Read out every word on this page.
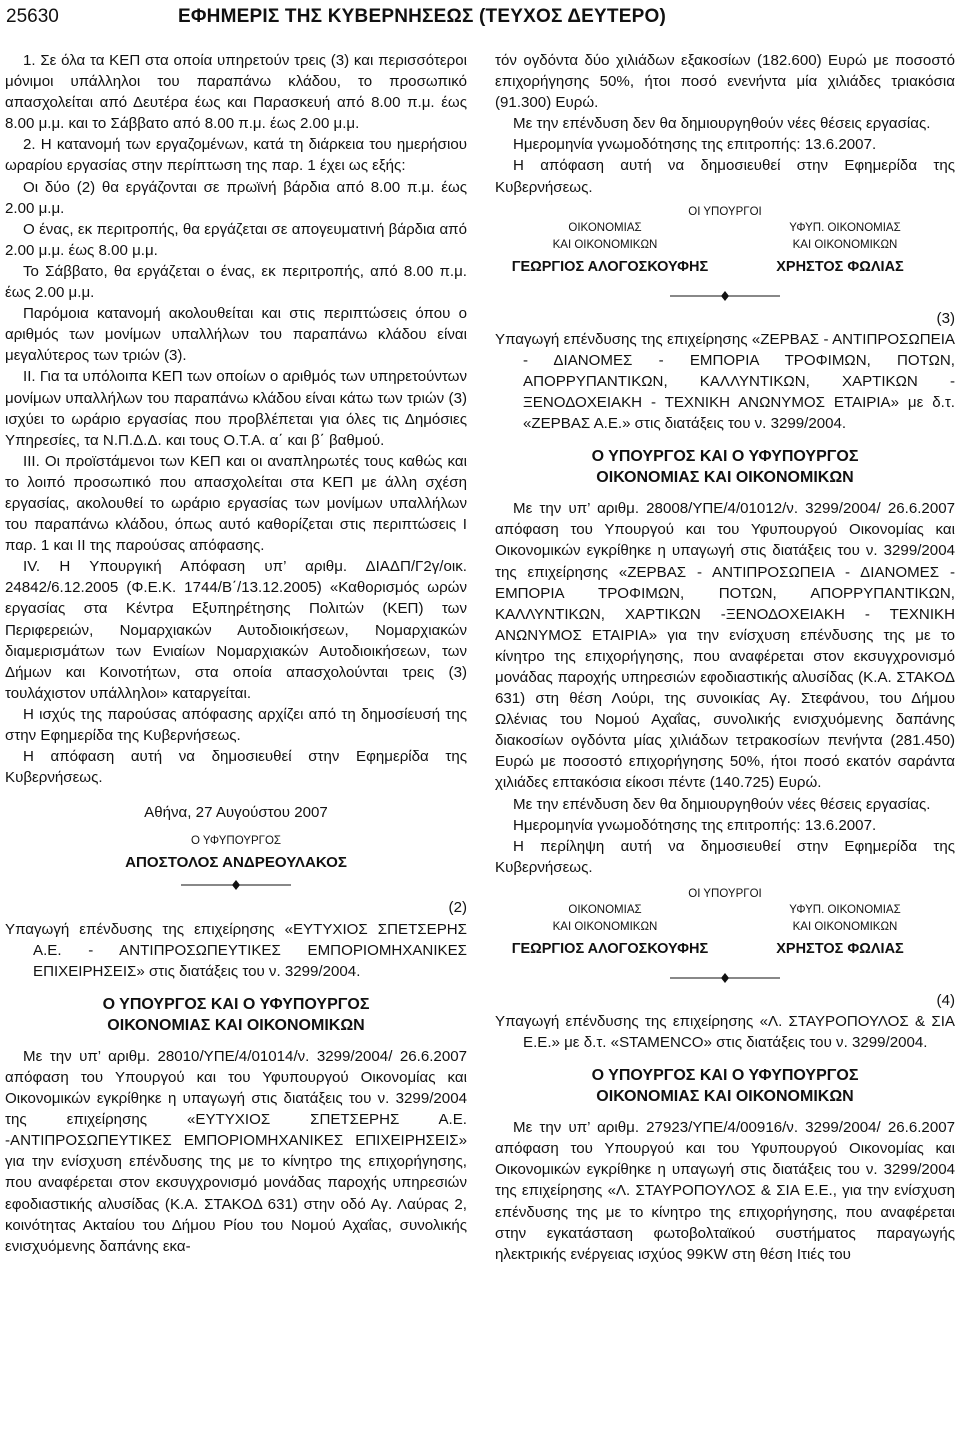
25630	ΕΦΗΜΕΡΙΣ ΤΗΣ ΚΥΒΕΡΝΗΣΕΩΣ (ΤΕΥΧΟΣ ΔΕΥΤΕΡΟ)

1. Σε όλα τα ΚΕΠ στα οποία υπηρετούν τρεις (3) και περισσότεροι μόνιμοι υπάλληλοι του παραπάνω κλάδου, το προσωπικό απασχολείται από Δευτέρα έως και Παρασκευή από 8.00 π.μ. έως 8.00 μ.μ. και το Σάββατο από 8.00 π.μ. έως 2.00 μ.μ.

2. Η κατανομή των εργαζομένων, κατά τη διάρκεια του ημερήσιου ωραρίου εργασίας στην περίπτωση της παρ. 1 έχει ως εξής:

Οι δύο (2) θα εργάζονται σε πρωϊνή βάρδια από 8.00 π.μ. έως 2.00 μ.μ.

Ο ένας, εκ περιτροπής, θα εργάζεται σε απογευματινή βάρδια από 2.00 μ.μ. έως 8.00 μ.μ.

Το Σάββατο, θα εργάζεται ο ένας, εκ περιτροπής, από 8.00 π.μ. έως 2.00 μ.μ.

Παρόμοια κατανομή ακολουθείται και στις περιπτώσεις όπου ο αριθμός των μονίμων υπαλλήλων του παραπάνω κλάδου είναι μεγαλύτερος των τριών (3).

ΙΙ. Για τα υπόλοιπα ΚΕΠ των οποίων ο αριθμός των υπηρετούντων μονίμων υπαλλήλων του παραπάνω κλάδου είναι κάτω των τριών (3) ισχύει το ωράριο εργασίας που προβλέπεται για όλες τις Δημόσιες Υπηρεσίες, τα Ν.Π.Δ.Δ. και τους Ο.Τ.Α. α΄ και β΄ βαθμού.

ΙΙΙ. Οι προϊστάμενοι των ΚΕΠ και οι αναπληρωτές τους καθώς και το λοιπό προσωπικό που απασχολείται στα ΚΕΠ με άλλη σχέση εργασίας, ακολουθεί το ωράριο εργασίας των μονίμων υπαλλήλων του παραπάνω κλάδου, όπως αυτό καθορίζεται στις περιπτώσεις Ι παρ. 1 και ΙΙ της παρούσας απόφασης.

IV. Η Υπουργική Απόφαση υπ’ αριθμ. ΔΙΑΔΠ/Γ2γ/οικ. 24842/6.12.2005 (Φ.Ε.Κ. 1744/Β΄/13.12.2005) «Καθορισμός ωρών εργασίας στα Κέντρα Εξυπηρέτησης Πολιτών (ΚΕΠ) των Περιφερειών, Νομαρχιακών Αυτοδιοικήσεων, Νομαρχιακών διαμερισμάτων των Ενιαίων Νομαρχιακών Αυτοδιοικήσεων, των Δήμων και Κοινοτήτων, στα οποία απασχολούνται τρεις (3) τουλάχιστον υπάλληλοι» καταργείται.

Η ισχύς της παρούσας απόφασης αρχίζει από τη δημοσίευσή της στην Εφημερίδα της Κυβερνήσεως.

Η απόφαση αυτή να δημοσιευθεί στην Εφημερίδα της Κυβερνήσεως.

Αθήνα, 27 Αυγούστου 2007

Ο ΥΦΥΠΟΥΡΓΟΣ

ΑΠΟΣΤΟΛΟΣ ΑΝΔΡΕΟΥΛΑΚΟΣ

(2)

Υπαγωγή επένδυσης της επιχείρησης «ΕΥΤΥΧΙΟΣ ΣΠΕΤΣΕΡΗΣ Α.Ε. - ΑΝΤΙΠΡΟΣΩΠΕΥΤΙΚΕΣ ΕΜΠΟΡΙΟΜΗΧΑΝΙΚΕΣ ΕΠΙΧΕΙΡΗΣΕΙΣ» στις διατάξεις του ν. 3299/2004.

Ο ΥΠΟΥΡΓΟΣ ΚΑΙ Ο ΥΦΥΠΟΥΡΓΟΣ

ΟΙΚΟΝΟΜΙΑΣ ΚΑΙ ΟΙΚΟΝΟΜΙΚΩΝ

Με την υπ’ αριθμ. 28010/ΥΠΕ/4/01014/ν. 3299/2004/ 26.6.2007 απόφαση του Υπουργού και του Υφυπουργού Οικονομίας και Οικονομικών εγκρίθηκε η υπαγωγή στις διατάξεις του ν. 3299/2004 της επιχείρησης «ΕΥΤΥΧΙΟΣ ΣΠΕΤΣΕΡΗΣ Α.Ε. -ΑΝΤΙΠΡΟΣΩΠΕΥΤΙΚΕΣ ΕΜΠΟΡΙΟΜΗΧΑΝΙΚΕΣ ΕΠΙΧΕΙΡΗΣΕΙΣ» για την ενίσχυση επένδυσης της με το κίνητρο της επιχορήγησης, που αναφέρεται στον εκσυγχρονισμό μονάδας παροχής υπηρεσιών εφοδιαστικής αλυσίδας (Κ.Α. ΣΤΑΚΟΔ 631) στην οδό Αγ. Λαύρας 2, κοινότητας Ακταίου του Δήμου Ρίου του Νομού Αχαΐας, συνολικής ενισχυόμενης δαπάνης εκα-

τόν ογδόντα δύο χιλιάδων εξακοσίων (182.600) Ευρώ με ποσοστό επιχορήγησης 50%, ήτοι ποσό ενενήντα μία χιλιάδες τριακόσια (91.300) Ευρώ.

Με την επένδυση δεν θα δημιουργηθούν νέες θέσεις εργασίας.

Ημερομηνία γνωμοδότησης της επιτροπής: 13.6.2007.

Η απόφαση αυτή να δημοσιευθεί στην Εφημερίδα της Κυβερνήσεως.

ΟΙ ΥΠΟΥΡΓΟΙ
ΟΙΚΟΝΟΜΙΑΣ
ΚΑΙ ΟΙΚΟΝΟΜΙΚΩΝ
ΥΦΥΠ. ΟΙΚΟΝΟΜΙΑΣ
ΚΑΙ ΟΙΚΟΝΟΜΙΚΩΝ
ΓΕΩΡΓΙΟΣ ΑΛΟΓΟΣΚΟΥΦΗΣ	ΧΡΗΣΤΟΣ ΦΩΛΙΑΣ

(3)

Υπαγωγή επένδυσης της επιχείρησης «ΖΕΡΒΑΣ - ΑΝΤΙΠΡΟΣΩΠΕΙΑ - ΔΙΑΝΟΜΕΣ - ΕΜΠΟΡΙΑ ΤΡΟΦΙΜΩΝ, ΠΟΤΩΝ, ΑΠΟΡΡΥΠΑΝΤΙΚΩΝ, ΚΑΛΛΥΝΤΙΚΩΝ, ΧΑΡΤΙΚΩΝ - ΞΕΝΟΔΟΧΕΙΑΚΗ - ΤΕΧΝΙΚΗ ΑΝΩΝΥΜΟΣ ΕΤΑΙΡΙΑ» με δ.τ. «ΖΕΡΒΑΣ Α.Ε.» στις διατάξεις του ν. 3299/2004.

Ο ΥΠΟΥΡΓΟΣ ΚΑΙ Ο ΥΦΥΠΟΥΡΓΟΣ

ΟΙΚΟΝΟΜΙΑΣ ΚΑΙ ΟΙΚΟΝΟΜΙΚΩΝ

Με την υπ’ αριθμ. 28008/ΥΠΕ/4/01012/ν. 3299/2004/ 26.6.2007 απόφαση του Υπουργού και του Υφυπουργού Οικονομίας και Οικονομικών εγκρίθηκε η υπαγωγή στις διατάξεις του ν. 3299/2004 της επιχείρησης «ΖΕΡΒΑΣ - ΑΝΤΙΠΡΟΣΩΠΕΙΑ - ΔΙΑΝΟΜΕΣ - ΕΜΠΟΡΙΑ ΤΡΟΦΙΜΩΝ, ΠΟΤΩΝ, ΑΠΟΡΡΥΠΑΝΤΙΚΩΝ, ΚΑΛΛΥΝΤΙΚΩΝ, ΧΑΡΤΙΚΩΝ -ΞΕΝΟΔΟΧΕΙΑΚΗ - ΤΕΧΝΙΚΗ ΑΝΩΝΥΜΟΣ ΕΤΑΙΡΙΑ» για την ενίσχυση επένδυσης της με το κίνητρο της επιχορήγησης, που αναφέρεται στον εκσυγχρονισμό μονάδας παροχής υπηρεσιών εφοδιαστικής αλυσίδας (Κ.Α. ΣΤΑΚΟΔ 631) στη θέση Λούρι, της συνοικίας Αγ. Στεφάνου, του Δήμου Ωλένιας του Νομού Αχαΐας, συνολικής ενισχυόμενης δαπάνης διακοσίων ογδόντα μίας χιλιάδων τετρακοσίων πενήντα (281.450) Ευρώ με ποσοστό επιχορήγησης 50%, ήτοι ποσό εκατόν σαράντα χιλιάδες επτακόσια είκοσι πέντε (140.725) Ευρώ.

Με την επένδυση δεν θα δημιουργηθούν νέες θέσεις εργασίας.

Ημερομηνία γνωμοδότησης της επιτροπής: 13.6.2007.

Η περίληψη αυτή να δημοσιευθεί στην Εφημερίδα της Κυβερνήσεως.

ΟΙ ΥΠΟΥΡΓΟΙ
ΟΙΚΟΝΟΜΙΑΣ
ΚΑΙ ΟΙΚΟΝΟΜΙΚΩΝ
ΥΦΥΠ. ΟΙΚΟΝΟΜΙΑΣ
ΚΑΙ ΟΙΚΟΝΟΜΙΚΩΝ
ΓΕΩΡΓΙΟΣ ΑΛΟΓΟΣΚΟΥΦΗΣ	ΧΡΗΣΤΟΣ ΦΩΛΙΑΣ

(4)

Υπαγωγή επένδυσης της επιχείρησης «Λ. ΣΤΑΥΡΟΠΟΥΛΟΣ & ΣΙΑ Ε.Ε.» με δ.τ. «STAMENCO» στις διατάξεις του ν. 3299/2004.

Ο ΥΠΟΥΡΓΟΣ ΚΑΙ Ο ΥΦΥΠΟΥΡΓΟΣ

ΟΙΚΟΝΟΜΙΑΣ ΚΑΙ ΟΙΚΟΝΟΜΙΚΩΝ

Με την υπ’ αριθμ. 27923/ΥΠΕ/4/00916/ν. 3299/2004/ 26.6.2007 απόφαση του Υπουργού και του Υφυπουργού Οικονομίας και Οικονομικών εγκρίθηκε η υπαγωγή στις διατάξεις του ν. 3299/2004 της επιχείρησης «Λ. ΣΤΑΥΡΟΠΟΥΛΟΣ & ΣΙΑ Ε.Ε., για την ενίσχυση επένδυσης της με το κίνητρο της επιχορήγησης, που αναφέρεται στην εγκατάσταση φωτοβολταϊκού συστήματος παραγωγής ηλεκτρικής ενέργειας ισχύος 99KW στη θέση Ιτιές του
